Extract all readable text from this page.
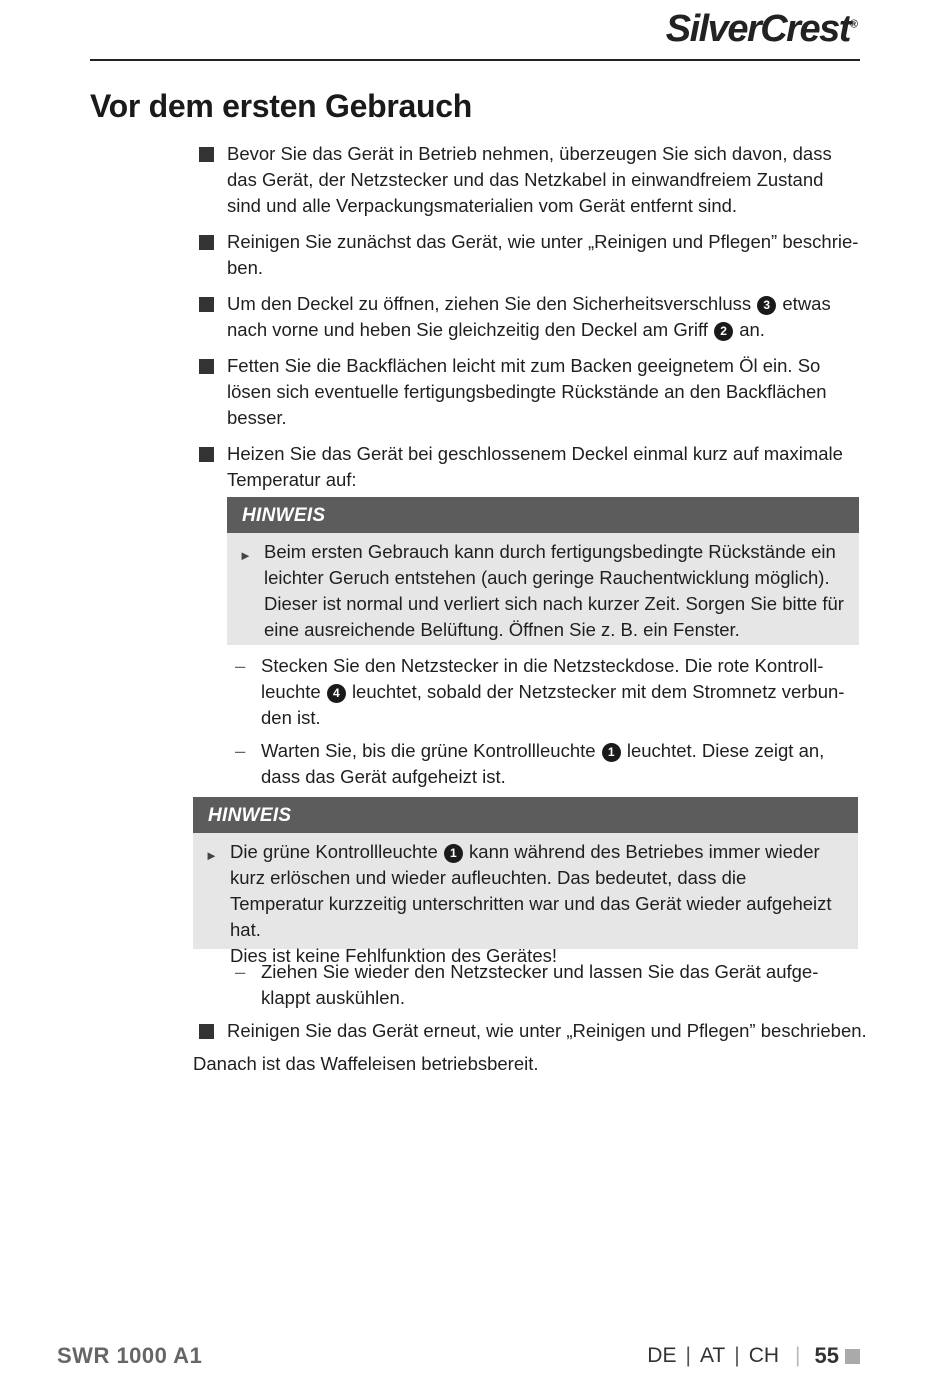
SilverCrest®
Vor dem ersten Gebrauch
Bevor Sie das Gerät in Betrieb nehmen, überzeugen Sie sich davon, dass das Gerät, der Netzstecker und das Netzkabel in einwandfreiem Zustand sind und alle Verpackungsmaterialien vom Gerät entfernt sind.
Reinigen Sie zunächst das Gerät, wie unter „Reinigen und Pflegen” beschrie-ben.
Um den Deckel zu öffnen, ziehen Sie den Sicherheitsverschluss 3 etwas nach vorne und heben Sie gleichzeitig den Deckel am Griff 2 an.
Fetten Sie die Backflächen leicht mit zum Backen geeignetem Öl ein. So lösen sich eventuelle fertigungsbedingte Rückstände an den Backflächen besser.
Heizen Sie das Gerät bei geschlossenem Deckel einmal kurz auf maximale Temperatur auf:
HINWEIS
► Beim ersten Gebrauch kann durch fertigungsbedingte Rückstände ein leichter Geruch entstehen (auch geringe Rauchentwicklung möglich). Dieser ist normal und verliert sich nach kurzer Zeit. Sorgen Sie bitte für eine ausreichende Belüftung. Öffnen Sie z. B. ein Fenster.
– Stecken Sie den Netzstecker in die Netzsteckdose. Die rote Kontroll-leuchte 4 leuchtet, sobald der Netzstecker mit dem Stromnetz verbun-den ist.
– Warten Sie, bis die grüne Kontrollleuchte 1 leuchtet. Diese zeigt an, dass das Gerät aufgeheizt ist.
HINWEIS
► Die grüne Kontrollleuchte 1 kann während des Betriebes immer wieder kurz erlöschen und wieder aufleuchten. Das bedeutet, dass die Temperatur kurzzeitig unterschritten war und das Gerät wieder aufgeheizt hat.
Dies ist keine Fehlfunktion des Gerätes!
– Ziehen Sie wieder den Netzstecker und lassen Sie das Gerät aufge-klappt auskühlen.
Reinigen Sie das Gerät erneut, wie unter „Reinigen und Pflegen” beschrieben.
Danach ist das Waffeleisen betriebsbereit.
SWR 1000 A1	DE | AT | CH | 55
